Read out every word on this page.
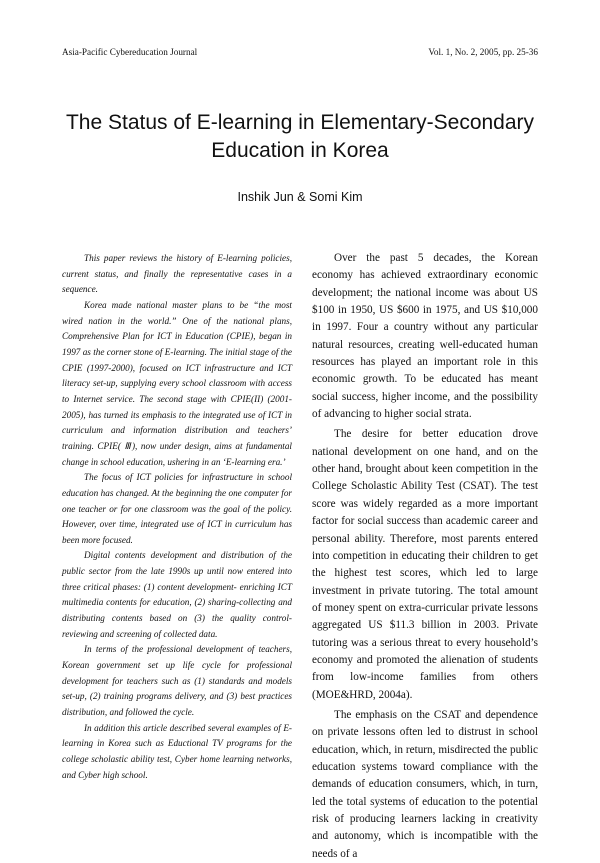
Asia-Pacific Cybereducation Journal	Vol. 1, No. 2, 2005, pp. 25-36
The Status of E-learning in Elementary-Secondary
Education in Korea
Inshik Jun & Somi Kim

This paper reviews the history of E-learning policies, current status, and finally the representative cases in a sequence.

Korea made national master plans to be “the most wired nation in the world.” One of the national plans, Comprehensive Plan for ICT in Education (CPIE), began in 1997 as the corner stone of E-learning. The initial stage of the CPIE (1997-2000), focused on ICT infrastructure and ICT literacy set-up, supplying every school classroom with access to Internet service. The second stage with CPIE(II) (2001-2005), has turned its emphasis to the integrated use of ICT in curriculum and information distribution and teachers’ training. CPIE( Ⅲ), now under design, aims at fundamental change in school education, ushering in an ‘E-learning era.’

The focus of ICT policies for infrastructure in school education has changed. At the beginning the one computer for one teacher or for one classroom was the goal of the policy. However, over time, integrated use of ICT in curriculum has been more focused.

Digital contents development and distribution of the public sector from the late 1990s up until now entered into three critical phases: (1) content development- enriching ICT multimedia contents for education, (2) sharing-collecting and distributing contents based on (3) the quality control-reviewing and screening of collected data.

In terms of the professional development of teachers, Korean government set up life cycle for professional development for teachers such as (1) standards and models set-up, (2) training programs delivery, and (3) best practices distribution, and followed the cycle.

In addition this article described several examples of E-learning in Korea such as Eductional TV programs for the college scholastic ability test, Cyber home learning networks, and Cyber high school.

Over the past 5 decades, the Korean economy has achieved extraordinary economic development; the national income was about US $100 in 1950, US $600 in 1975, and US $10,000 in 1997. Four a country without any particular natural resources, creating well-educated human resources has played an important role in this economic growth. To be educated has meant social success, higher income, and the possibility of advancing to higher social strata.

The desire for better education drove national development on one hand, and on the other hand, brought about keen competition in the College Scholastic Ability Test (CSAT). The test score was widely regarded as a more important factor for social success than academic career and personal ability. Therefore, most parents entered into competition in educating their children to get the highest test scores, which led to large investment in private tutoring. The total amount of money spent on extra-curricular private lessons aggregated US $11.3 billion in 2003. Private tutoring was a serious threat to every household’s economy and promoted the alienation of students from low-income families from others (MOE&HRD, 2004a).

The emphasis on the CSAT and dependence on private lessons often led to distrust in school education, which, in return, misdirected the public education systems toward compliance with the demands of education consumers, which, in turn, led the total systems of education to the potential risk of producing learners lacking in creativity and autonomy, which is incompatible with the needs of a
